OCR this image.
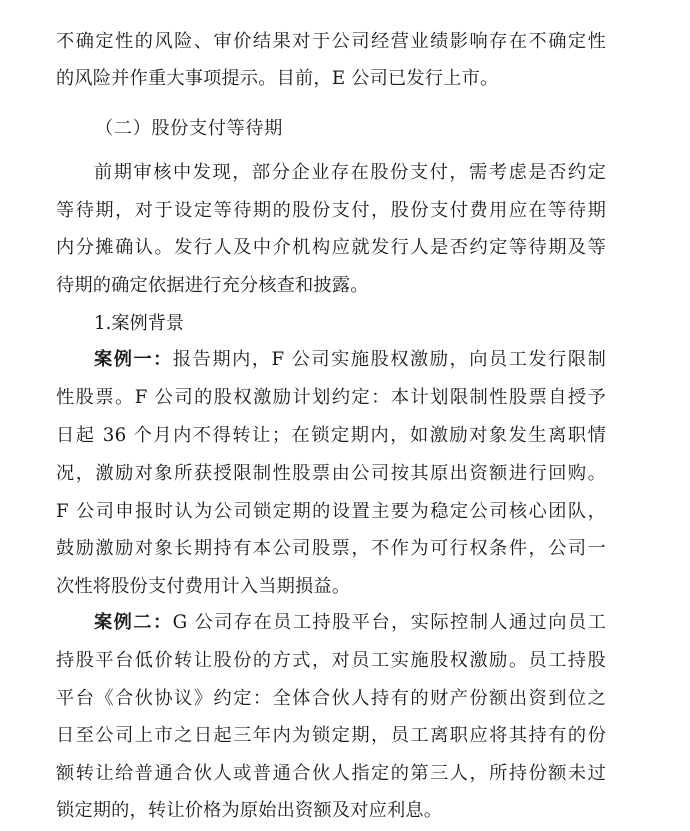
不确定性的风险、审价结果对于公司经营业绩影响存在不确定性
的风险并作重大事项提示。目前，E 公司已发行上市。
（二）股份支付等待期
前期审核中发现，部分企业存在股份支付，需考虑是否约定
等待期，对于设定等待期的股份支付，股份支付费用应在等待期
内分摊确认。发行人及中介机构应就发行人是否约定等待期及等
待期的确定依据进行充分核查和披露。
1.案例背景
案例一：报告期内，F 公司实施股权激励，向员工发行限制
性股票。F 公司的股权激励计划约定：本计划限制性股票自授予
日起 36 个月内不得转让；在锁定期内，如激励对象发生离职情
况，激励对象所获授限制性股票由公司按其原出资额进行回购。
F 公司申报时认为公司锁定期的设置主要为稳定公司核心团队，
鼓励激励对象长期持有本公司股票，不作为可行权条件，公司一
次性将股份支付费用计入当期损益。
案例二：G 公司存在员工持股平台，实际控制人通过向员工
持股平台低价转让股份的方式，对员工实施股权激励。员工持股
平台《合伙协议》约定：全体合伙人持有的财产份额出资到位之
日至公司上市之日起三年内为锁定期，员工离职应将其持有的份
额转让给普通合伙人或普通合伙人指定的第三人，所持份额未过
锁定期的，转让价格为原始出资额及对应利息。
